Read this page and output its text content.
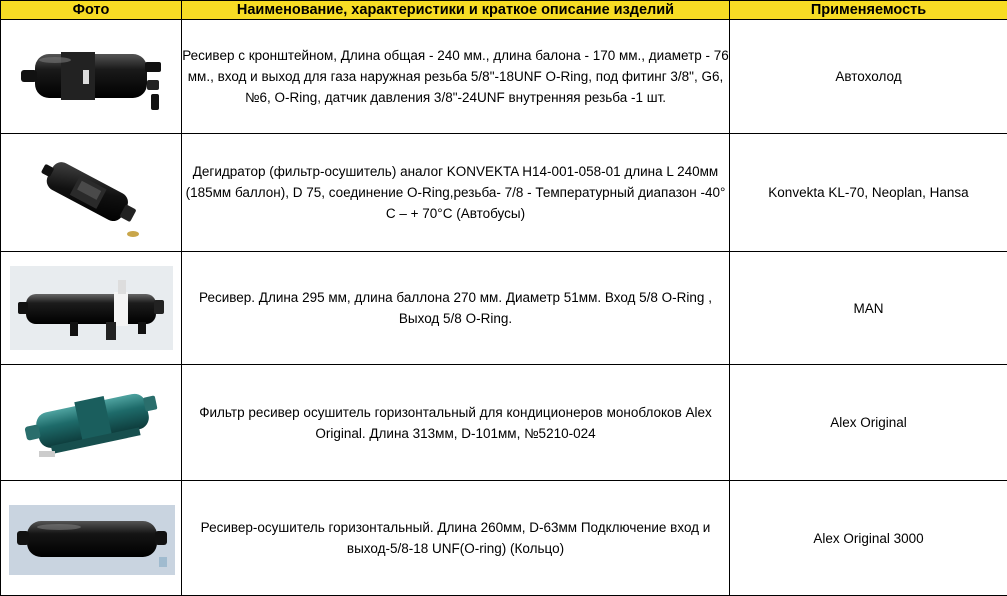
Фото	Наименование, характеристики и краткое описание изделий	Применяемость

	Ресивер с кронштейном, Длина общая - 240 мм., длина балона - 170 мм., диаметр - 76 мм., вход и выход для газа наружная резьба 5/8"-18UNF O-Ring, под фитинг 3/8", G6, №6, O-Ring, датчик давления 3/8"-24UNF внутренняя резьба -1 шт.	Автохолод

	Дегидратор (фильтр-осушитель) аналог KONVEKTA H14-001-058-01 длина L 240мм (185мм баллон), D 75, соединение O-Ring,резьба- 7/8 - Температурный диапазон -40° C – + 70°C (Автобусы)	Konvekta KL-70, Neoplan, Hansa

	Ресивер. Длина 295 мм, длина баллона 270 мм. Диаметр 51мм. Вход 5/8 O-Ring , Выход 5/8 O-Ring.	MAN

	Фильтр ресивер осушитель горизонтальный для кондиционеров моноблоков Alex Original. Длина 313мм, D-101мм, №5210-024	Alex Original

	Ресивер-осушитель горизонтальный. Длина 260мм, D-63мм Подключение вход и выход-5/8-18 UNF(O-ring) (Кольцо)	Alex Original 3000
